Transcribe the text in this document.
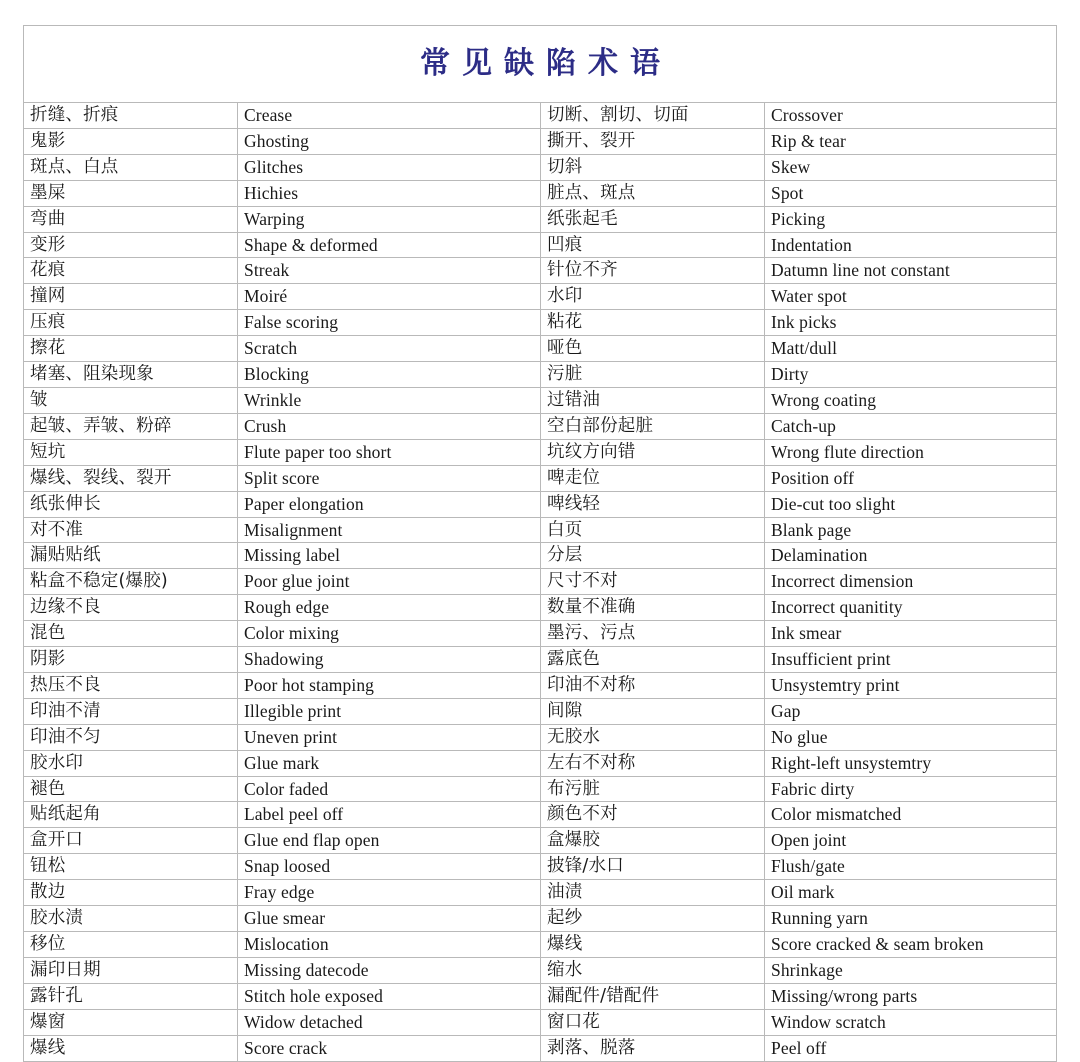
常见缺陷术语			
折缝、折痕	Crease	切断、割切、切面	Crossover
鬼影	Ghosting	撕开、裂开	Rip & tear
斑点、白点	Glitches	切斜	Skew
墨屎	Hichies	脏点、斑点	Spot
弯曲	Warping	纸张起毛	Picking
变形	Shape & deformed	凹痕	Indentation
花痕	Streak	针位不齐	Datumn line not constant
撞网	Moiré	水印	Water spot
压痕	False scoring	粘花	Ink picks
擦花	Scratch	哑色	Matt/dull
堵塞、阻染现象	Blocking	污脏	Dirty
皱	Wrinkle	过错油	Wrong coating
起皱、弄皱、粉碎	Crush	空白部份起脏	Catch-up
短坑	Flute paper too short	坑纹方向错	Wrong flute direction
爆线、裂线、裂开	Split score	啤走位	Position off
纸张伸长	Paper elongation	啤线轻	Die-cut too slight
对不准	Misalignment	白页	Blank page
漏贴贴纸	Missing label	分层	Delamination
粘盒不稳定(爆胶)	Poor glue joint	尺寸不对	Incorrect dimension
边缘不良	Rough edge	数量不准确	Incorrect quanitity
混色	Color mixing	墨污、污点	Ink smear
阴影	Shadowing	露底色	Insufficient print
热压不良	Poor hot stamping	印油不对称	Unsystemtry print
印油不清	Illegible print	间隙	Gap
印油不匀	Uneven print	无胶水	No glue
胶水印	Glue mark	左右不对称	Right-left unsystemtry
褪色	Color faded	布污脏	Fabric dirty
贴纸起角	Label peel off	颜色不对	Color mismatched
盒开口	Glue end flap open	盒爆胶	Open joint
钮松	Snap loosed	披锋/水口	Flush/gate
散边	Fray edge	油渍	Oil mark
胶水渍	Glue smear	起纱	Running yarn
移位	Mislocation	爆线	Score cracked & seam broken
漏印日期	Missing datecode	缩水	Shrinkage
露针孔	Stitch hole exposed	漏配件/错配件	Missing/wrong parts
爆窗	Widow detached	窗口花	Window scratch
爆线	Score crack	剥落、脱落	Peel off
